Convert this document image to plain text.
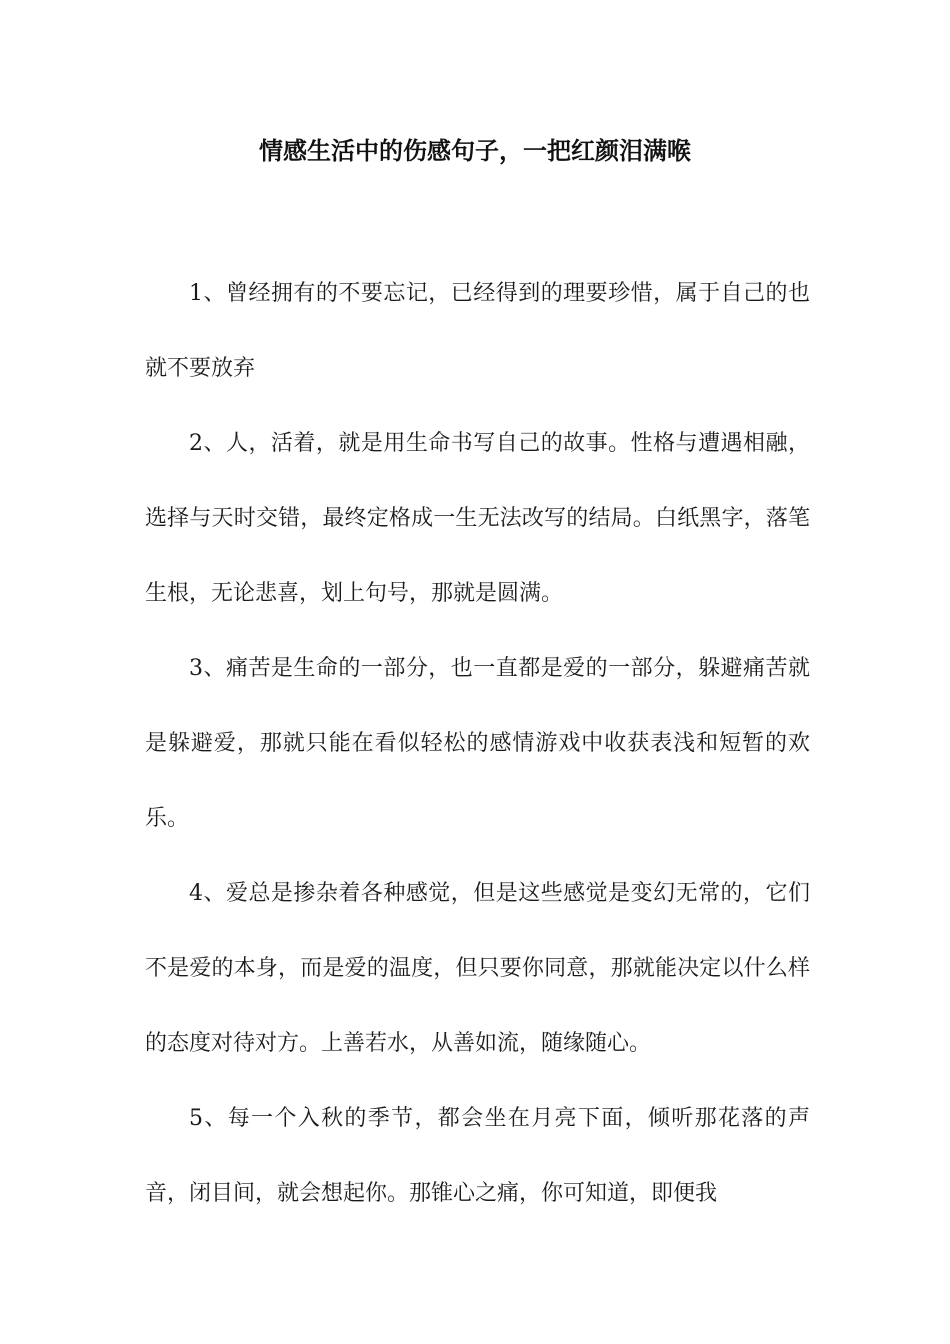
情感生活中的伤感句子，一把红颜泪满喉

1、曾经拥有的不要忘记，已经得到的理要珍惜，属于自己的也就不要放弃

2、人，活着，就是用生命书写自己的故事。性格与遭遇相融，选择与天时交错，最终定格成一生无法改写的结局。白纸黑字，落笔生根，无论悲喜，划上句号，那就是圆满。

3、痛苦是生命的一部分，也一直都是爱的一部分，躲避痛苦就是躲避爱，那就只能在看似轻松的感情游戏中收获表浅和短暂的欢乐。

4、爱总是掺杂着各种感觉，但是这些感觉是变幻无常的，它们不是爱的本身，而是爱的温度，但只要你同意，那就能决定以什么样的态度对待对方。上善若水，从善如流，随缘随心。

5、每一个入秋的季节，都会坐在月亮下面，倾听那花落的声音，闭目间，就会想起你。那锥心之痛，你可知道，即便我
